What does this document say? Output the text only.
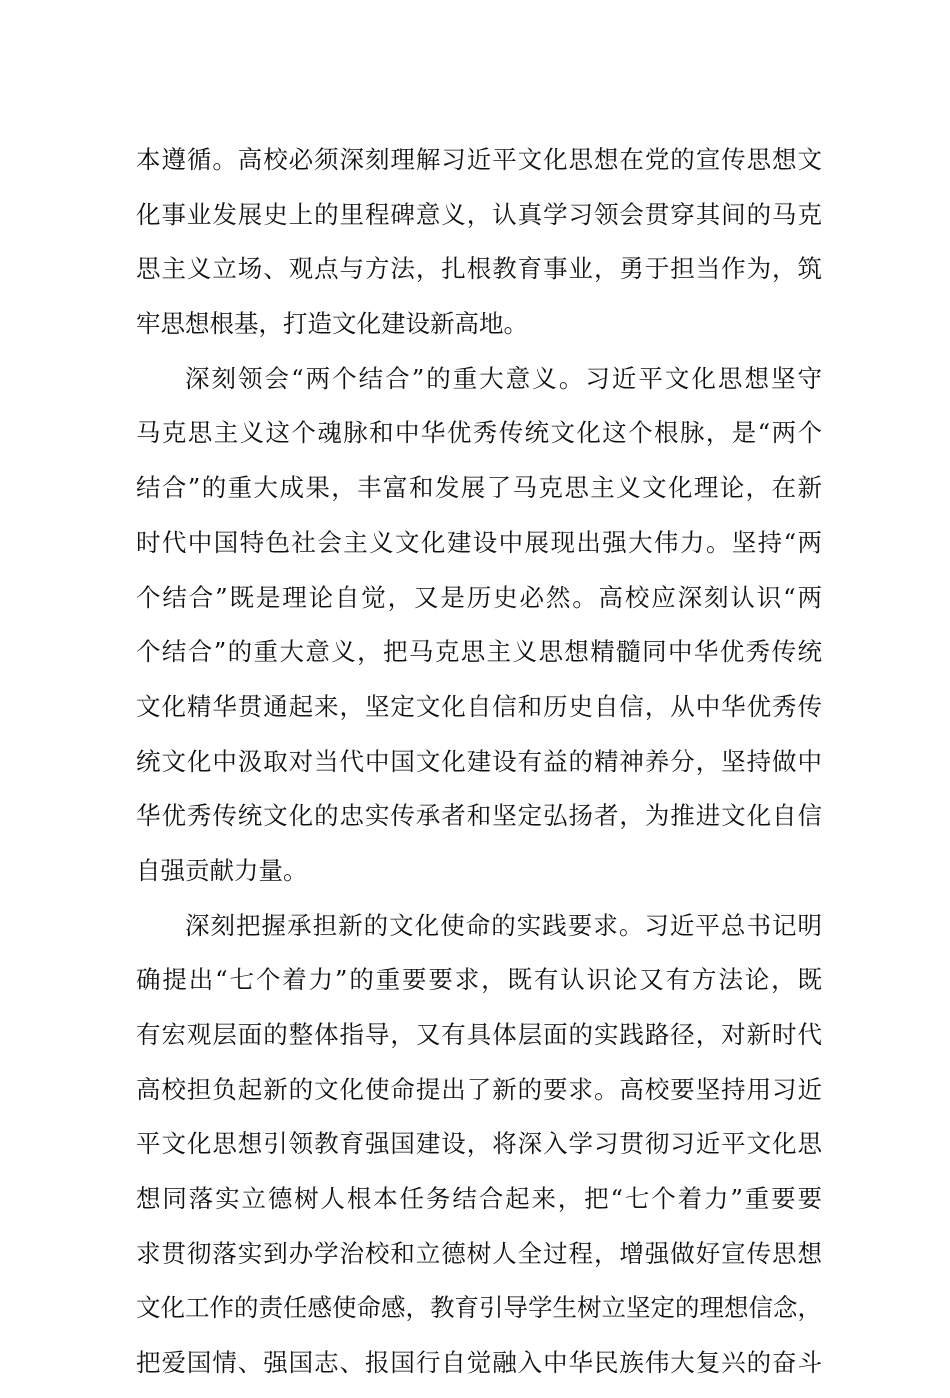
本遵循。高校必须深刻理解习近平文化思想在党的宣传思想文
化事业发展史上的里程碑意义，认真学习领会贯穿其间的马克
思主义立场、观点与方法，扎根教育事业，勇于担当作为，筑
牢思想根基，打造文化建设新高地。
深刻领会“两个结合”的重大意义。习近平文化思想坚守
马克思主义这个魂脉和中华优秀传统文化这个根脉，是“两个
结合”的重大成果，丰富和发展了马克思主义文化理论，在新
时代中国特色社会主义文化建设中展现出强大伟力。坚持“两
个结合”既是理论自觉，又是历史必然。高校应深刻认识“两
个结合”的重大意义，把马克思主义思想精髓同中华优秀传统
文化精华贯通起来，坚定文化自信和历史自信，从中华优秀传
统文化中汲取对当代中国文化建设有益的精神养分，坚持做中
华优秀传统文化的忠实传承者和坚定弘扬者，为推进文化自信
自强贡献力量。
深刻把握承担新的文化使命的实践要求。习近平总书记明
确提出“七个着力”的重要要求，既有认识论又有方法论，既
有宏观层面的整体指导，又有具体层面的实践路径，对新时代
高校担负起新的文化使命提出了新的要求。高校要坚持用习近
平文化思想引领教育强国建设，将深入学习贯彻习近平文化思
想同落实立德树人根本任务结合起来，把“七个着力”重要要
求贯彻落实到办学治校和立德树人全过程，增强做好宣传思想
文化工作的责任感使命感，教育引导学生树立坚定的理想信念，
把爱国情、强国志、报国行自觉融入中华民族伟大复兴的奋斗
